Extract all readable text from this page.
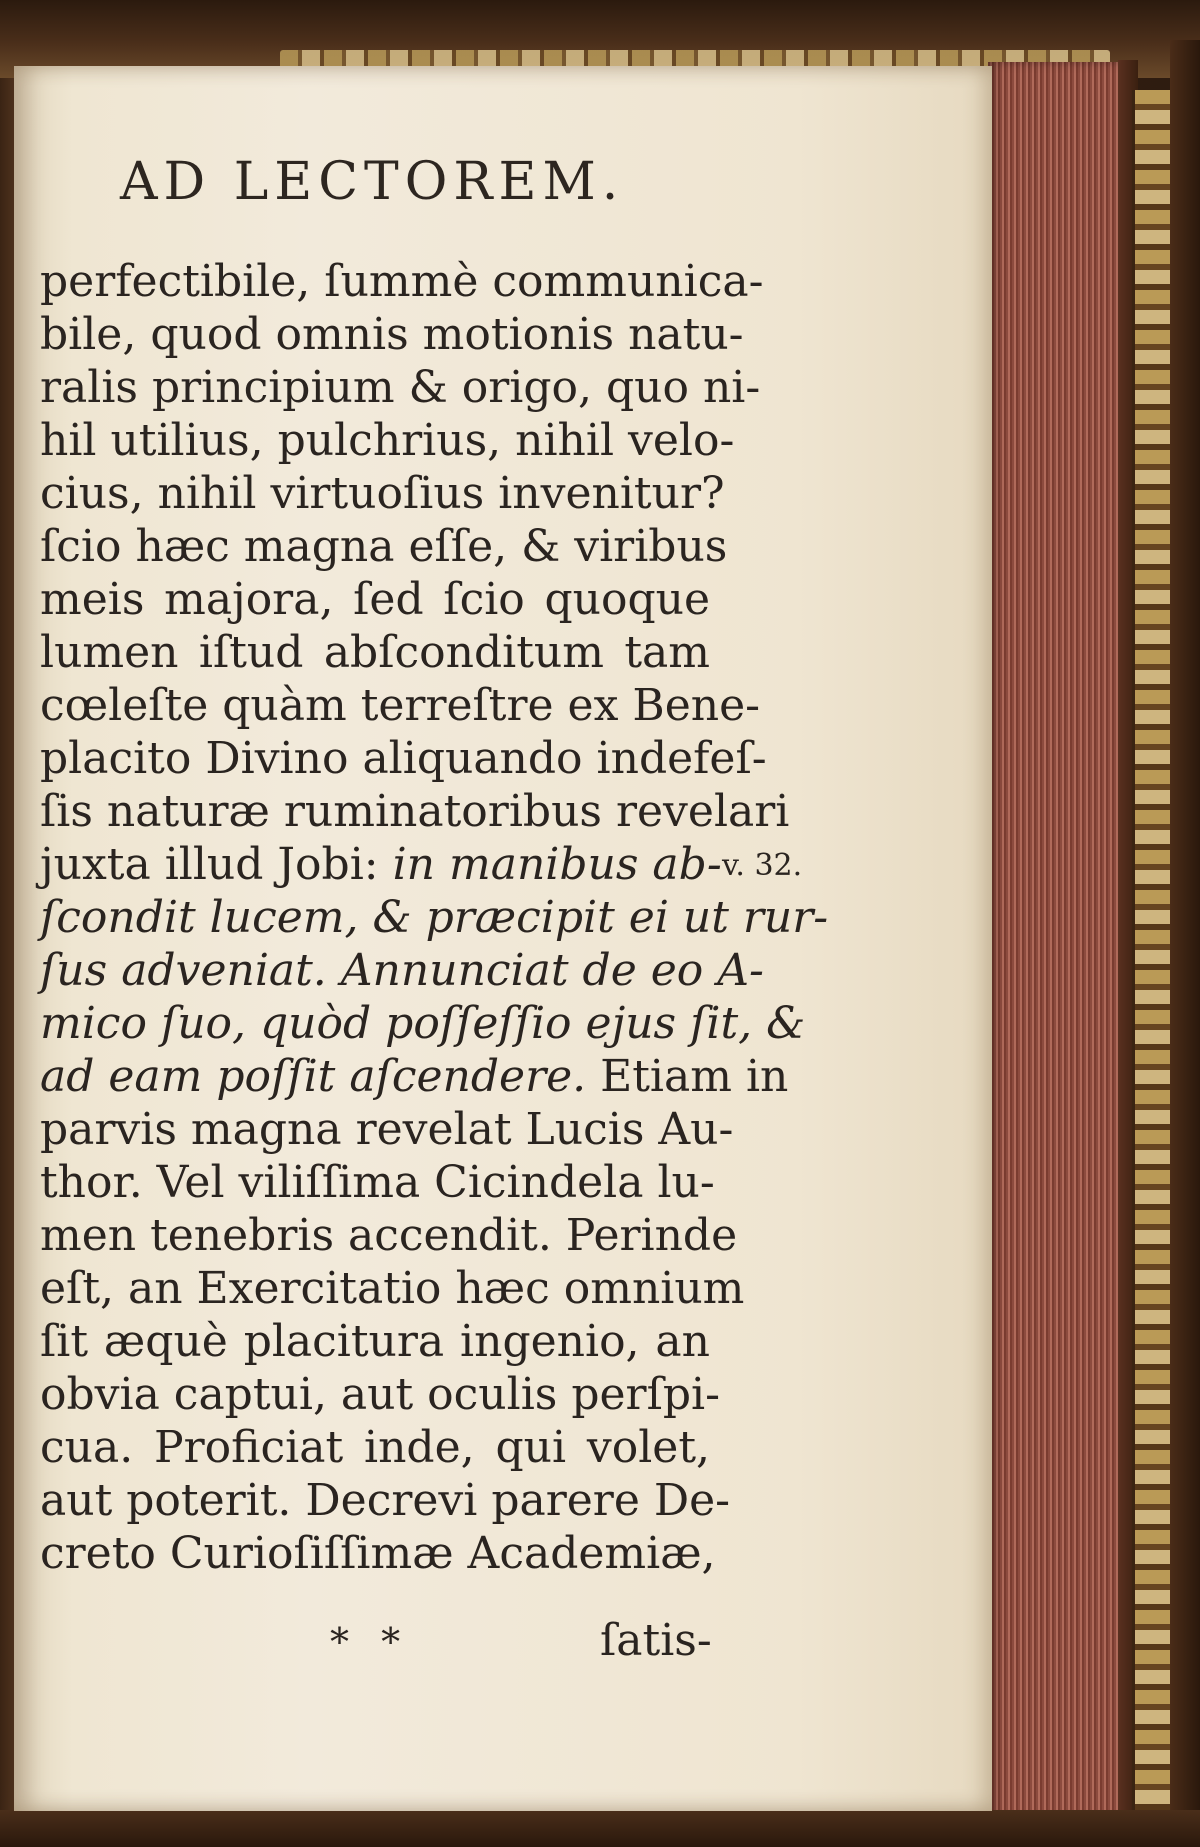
AD LECTOREM.
perfectibile, ſummè communica-
bile, quod omnis motionis natu-
ralis principium & origo, quo ni-
hil utilius, pulchrius, nihil velo-
cius, nihil virtuoſius invenitur?
ſcio hæc magna eſſe, & viribus
meis majora, ſed ſcio quoque
lumen iſtud abſconditum tam
cœleſte quàm terreſtre ex Bene-
placito Divino aliquando indefeſ-
ſis naturæ ruminatoribus revelari
juxta illud Jobi: in manibus ab-
ſcondit lucem, & præcipit ei ut rur-
ſus adveniat. Annunciat de eo A-
mico ſuo, quòd poſſeſſio ejus ſit, &
ad eam poſſit aſcendere. Etiam in
parvis magna revelat Lucis Au-
thor. Vel viliſſima Cicindela lu-
men tenebris accendit. Perinde
eſt, an Exercitatio hæc omnium
ſit æquè placitura ingenio, an
obvia captui, aut oculis perſpi-
cua. Proficiat inde, qui volet,
aut poterit. Decrevi parere De-
creto Curioſiſſimæ Academiæ,
v. 32.
* *	ſatis-
